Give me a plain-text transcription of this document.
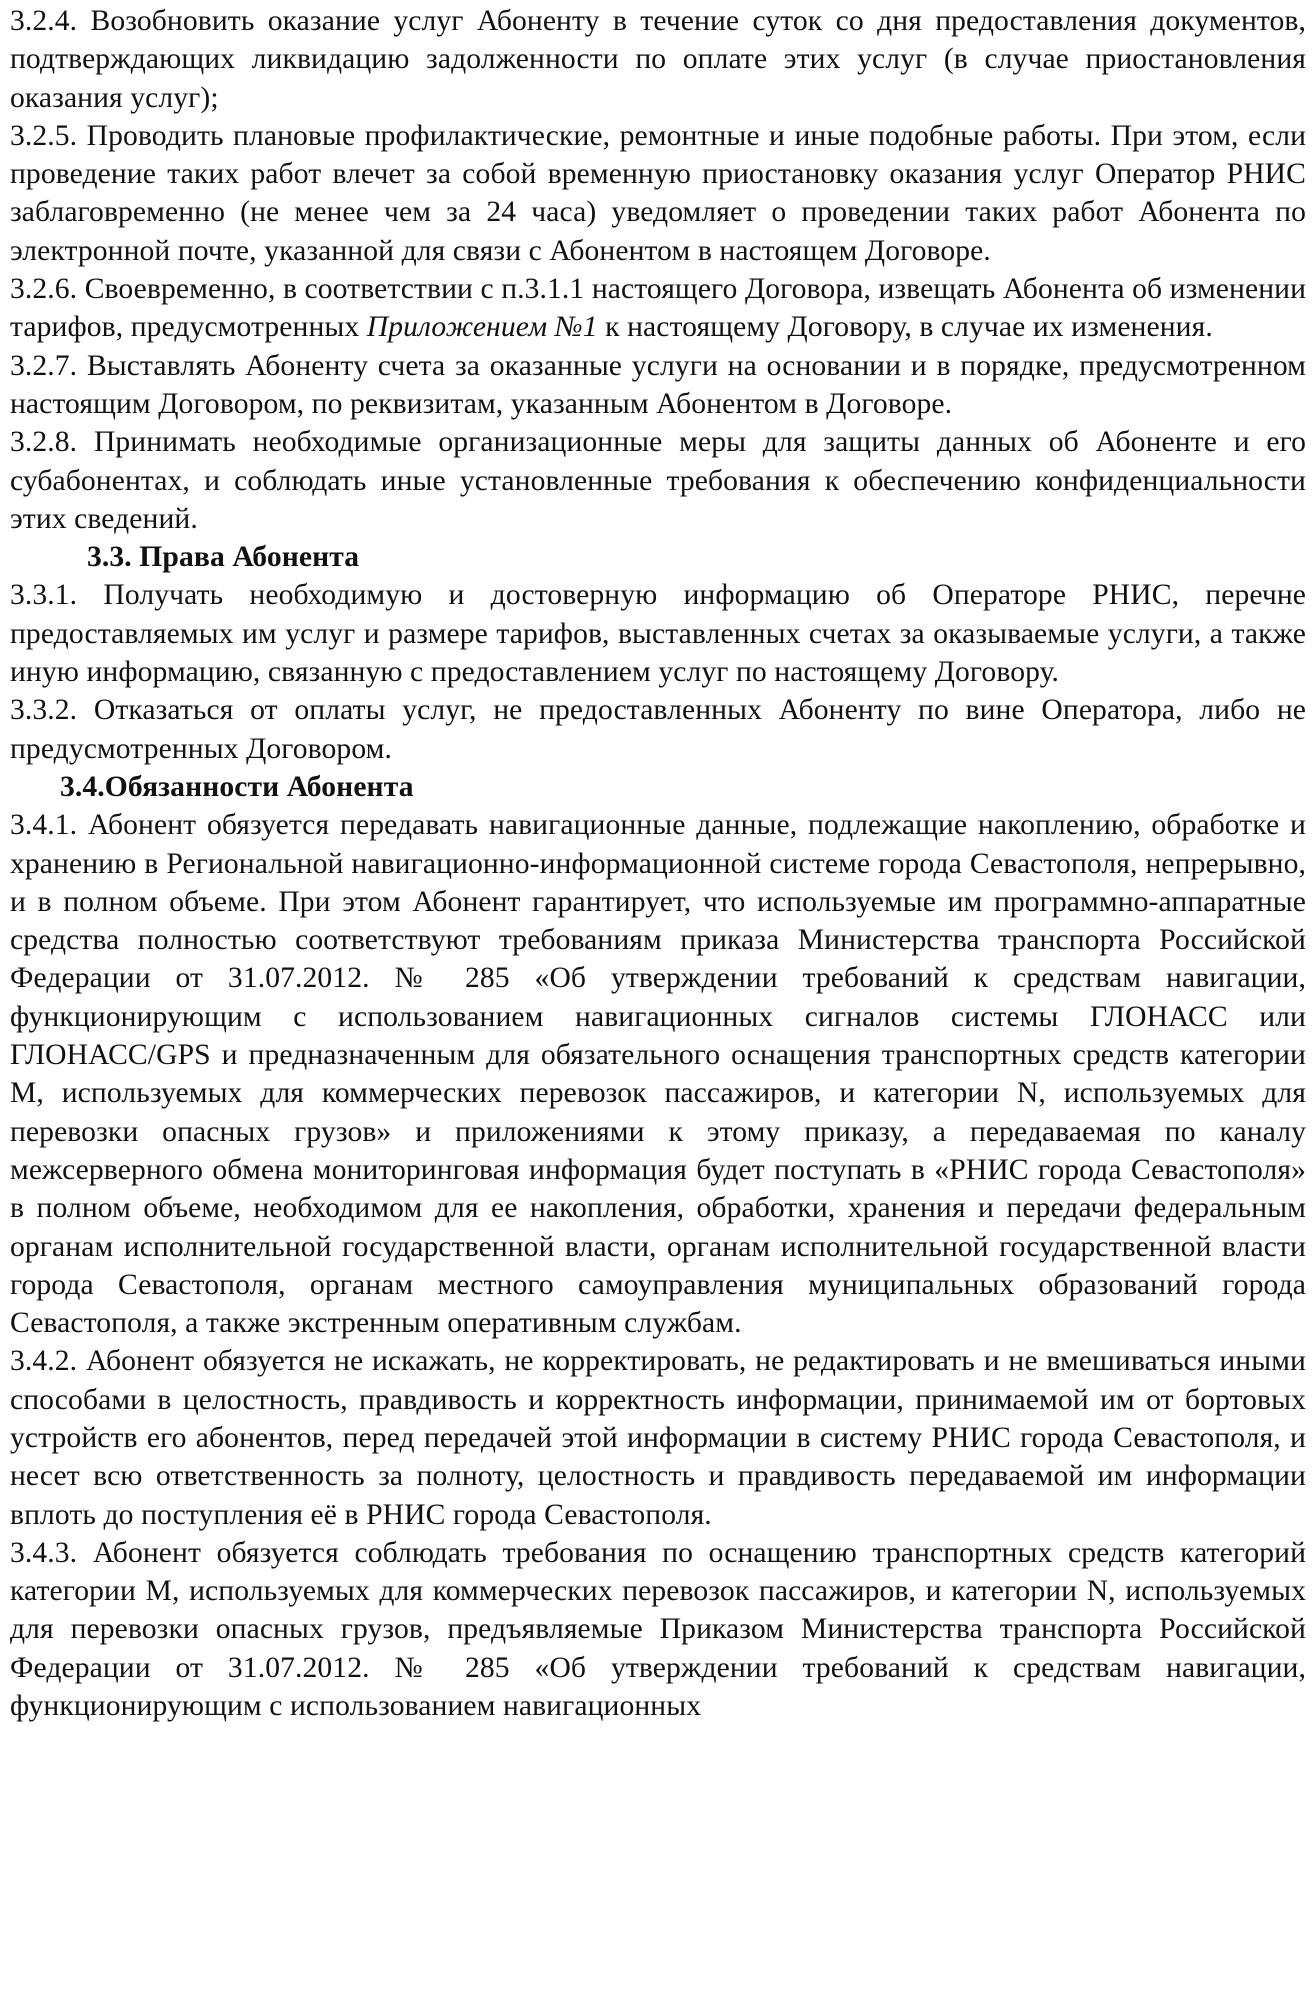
3.2.4. Возобновить оказание услуг Абоненту в течение суток со дня предоставления документов, подтверждающих ликвидацию задолженности по оплате этих услуг (в случае приостановления оказания услуг);

3.2.5. Проводить плановые профилактические, ремонтные и иные подобные работы. При этом, если проведение таких работ влечет за собой временную приостановку оказания услуг Оператор РНИС заблаговременно (не менее чем за 24 часа) уведомляет о проведении таких работ Абонента по электронной почте, указанной для связи с Абонентом в настоящем Договоре.

3.2.6. Своевременно, в соответствии с п.3.1.1 настоящего Договора, извещать Абонента об изменении тарифов, предусмотренных Приложением №1 к настоящему Договору, в случае их изменения.

3.2.7. Выставлять Абоненту счета за оказанные услуги на основании и в порядке, предусмотренном настоящим Договором, по реквизитам, указанным Абонентом в Договоре.

3.2.8. Принимать необходимые организационные меры для защиты данных об Абоненте и его субабонентах, и соблюдать иные установленные требования к обеспечению конфиденциальности этих сведений.

3.3. Права Абонента

3.3.1. Получать необходимую и достоверную информацию об Операторе РНИС, перечне предоставляемых им услуг и размере тарифов, выставленных счетах за оказываемые услуги, а также иную информацию, связанную с предоставлением услуг по настоящему Договору.

3.3.2. Отказаться от оплаты услуг, не предоставленных Абоненту по вине Оператора, либо не предусмотренных Договором.

3.4.Обязанности Абонента

3.4.1. Абонент обязуется передавать навигационные данные, подлежащие накоплению, обработке и хранению в Региональной навигационно-информационной системе города Севастополя, непрерывно, и в полном объеме. При этом Абонент гарантирует, что используемые им программно-аппаратные средства полностью соответствуют требованиям приказа Министерства транспорта Российской Федерации от 31.07.2012. № 285 «Об утверждении требований к средствам навигации, функционирующим с использованием навигационных сигналов системы ГЛОНАСС или ГЛОНАСС/GPS и предназначенным для обязательного оснащения транспортных средств категории М, используемых для коммерческих перевозок пассажиров, и категории N, используемых для перевозки опасных грузов» и приложениями к этому приказу, а передаваемая по каналу межсерверного обмена мониторинговая информация будет поступать в «РНИС города Севастополя» в полном объеме, необходимом для ее накопления, обработки, хранения и передачи федеральным органам исполнительной государственной власти, органам исполнительной государственной власти города Севастополя, органам местного самоуправления муниципальных образований города Севастополя, а также экстренным оперативным службам.

3.4.2. Абонент обязуется не искажать, не корректировать, не редактировать и не вмешиваться иными способами в целостность, правдивость и корректность информации, принимаемой им от бортовых устройств его абонентов, перед передачей этой информации в систему РНИС города Севастополя, и несет всю ответственность за полноту, целостность и правдивость передаваемой им информации вплоть до поступления её в РНИС города Севастополя.

3.4.3. Абонент обязуется соблюдать требования по оснащению транспортных средств категорий категории М, используемых для коммерческих перевозок пассажиров, и категории N, используемых для перевозки опасных грузов, предъявляемые Приказом Министерства транспорта Российской Федерации от 31.07.2012. № 285 «Об утверждении требований к средствам навигации, функционирующим с использованием навигационных
